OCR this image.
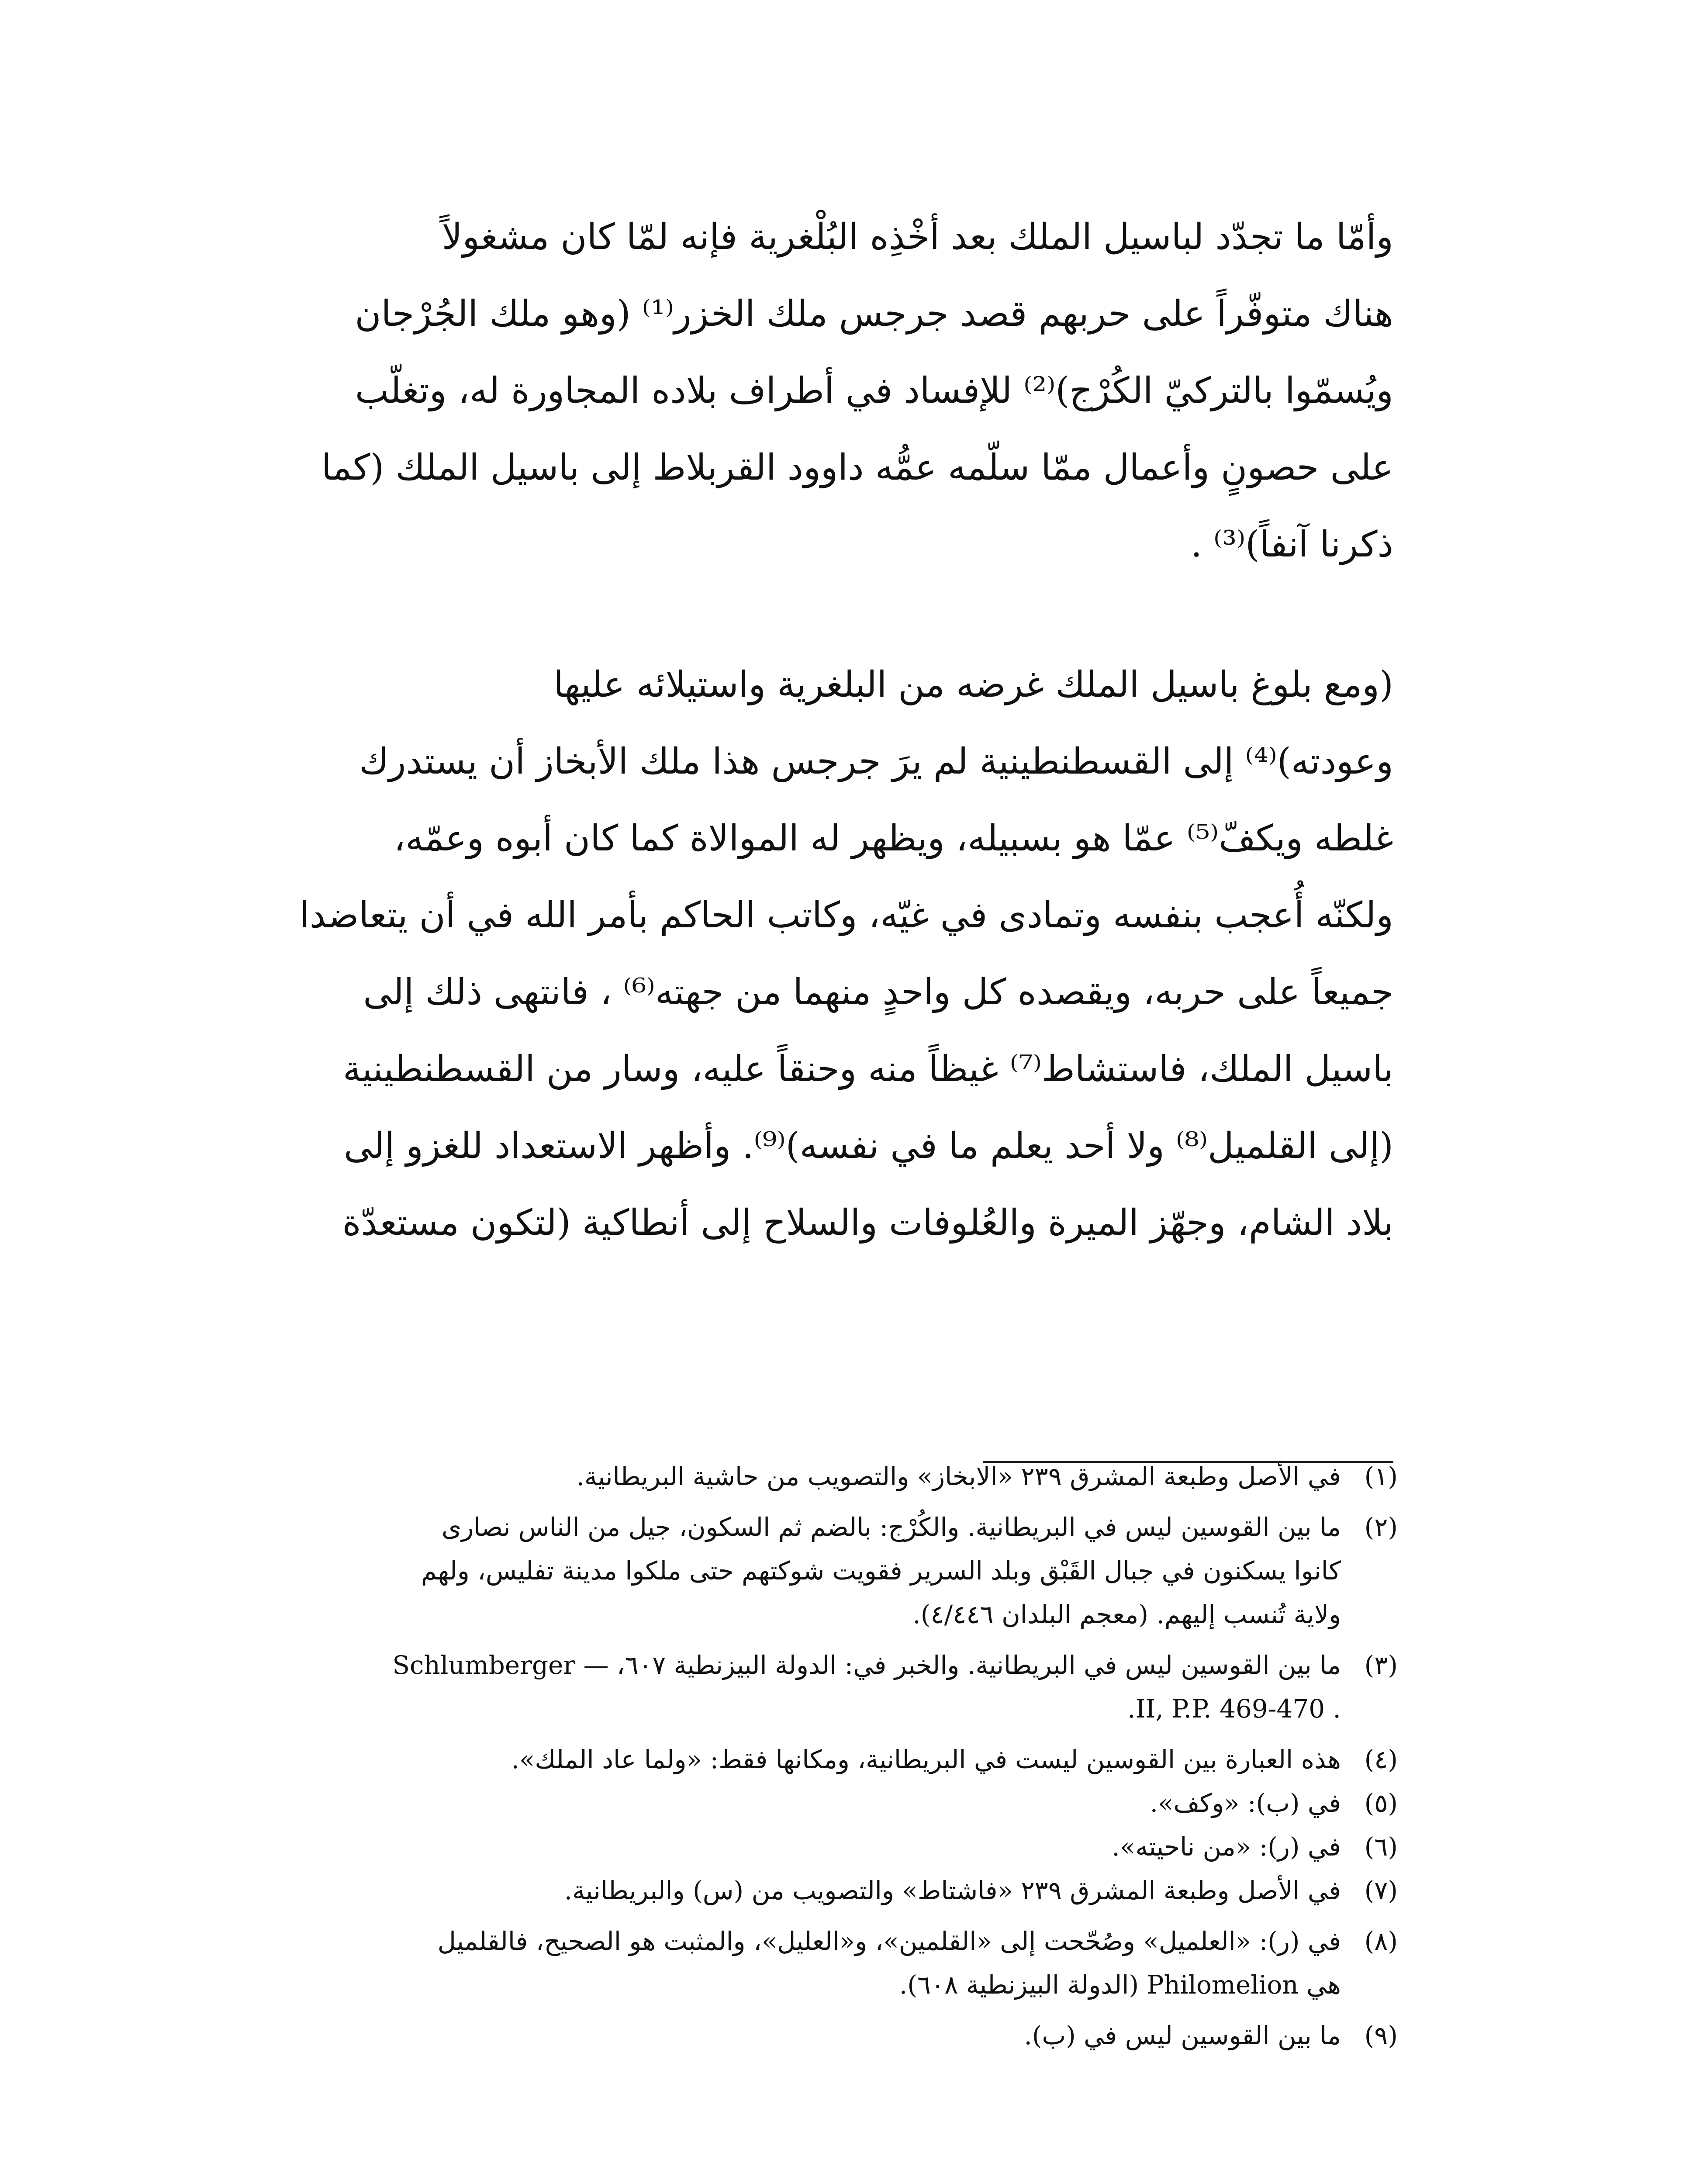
وأمّا ما تجدّد لباسيل الملك بعد أخْذِه البُلْغرية فإنه لمّا كان مشغولاً
هناك متوفّراً على حربهم قصد جرجس ملك الخزر⁽¹⁾ (وهو ملك الجُرْجان
ويُسمّوا بالتركيّ الكُرْج)⁽²⁾ للإفساد في أطراف بلاده المجاورة له، وتغلّب
على حصونٍ وأعمال ممّا سلّمه عمُّه داوود القربلاط إلى باسيل الملك (كما
ذكرنا آنفاً)⁽³⁾ .
(ومع بلوغ باسيل الملك غرضه من البلغرية واستيلائه عليها
وعودته)⁽⁴⁾ إلى القسطنطينية لم يرَ جرجس هذا ملك الأبخاز أن يستدرك
غلطه ويكفّ⁽⁵⁾ عمّا هو بسبيله، ويظهر له الموالاة كما كان أبوه وعمّه،
ولكنّه أُعجب بنفسه وتمادى في غيّه، وكاتب الحاكم بأمر الله في أن يتعاضدا
جميعاً على حربه، ويقصده كل واحدٍ منهما من جهته⁽⁶⁾ ، فانتهى ذلك إلى
باسيل الملك، فاستشاط⁽⁷⁾ غيظاً منه وحنقاً عليه، وسار من القسطنطينية
(إلى القلميل⁽⁸⁾ ولا أحد يعلم ما في نفسه)⁽⁹⁾. وأظهر الاستعداد للغزو إلى
بلاد الشام، وجهّز الميرة والعُلوفات والسلاح إلى أنطاكية (لتكون مستعدّة
(١)
في الأصل وطبعة المشرق ٢٣٩ «الابخاز» والتصويب من حاشية البريطانية.
(٢)
ما بين القوسين ليس في البريطانية. والكُرْج: بالضم ثم السكون، جيل من الناس نصارى
كانوا يسكنون في جبال القَبْق وبلد السرير فقويت شوكتهم حتى ملكوا مدينة تفليس، ولهم
ولاية تُنسب إليهم. (معجم البلدان ٤/٤٤٦).
(٣)
ما بين القوسين ليس في البريطانية. والخبر في: الدولة البيزنطية ٦٠٧، — Schlumberger
. II, P.P. 469-470.
(٤)
هذه العبارة بين القوسين ليست في البريطانية، ومكانها فقط: «ولما عاد الملك».
(٥)
في (ب): «وكف».
(٦)
في (ر): «من ناحيته».
(٧)
في الأصل وطبعة المشرق ٢٣٩ «فاشتاط» والتصويب من (س) والبريطانية.
(٨)
في (ر): «العلميل» وصُحّحت إلى «القلمين»، و«العليل»، والمثبت هو الصحيح، فالقلميل
هي Philomelion (الدولة البيزنطية ٦٠٨).
(٩)
ما بين القوسين ليس في (ب).
